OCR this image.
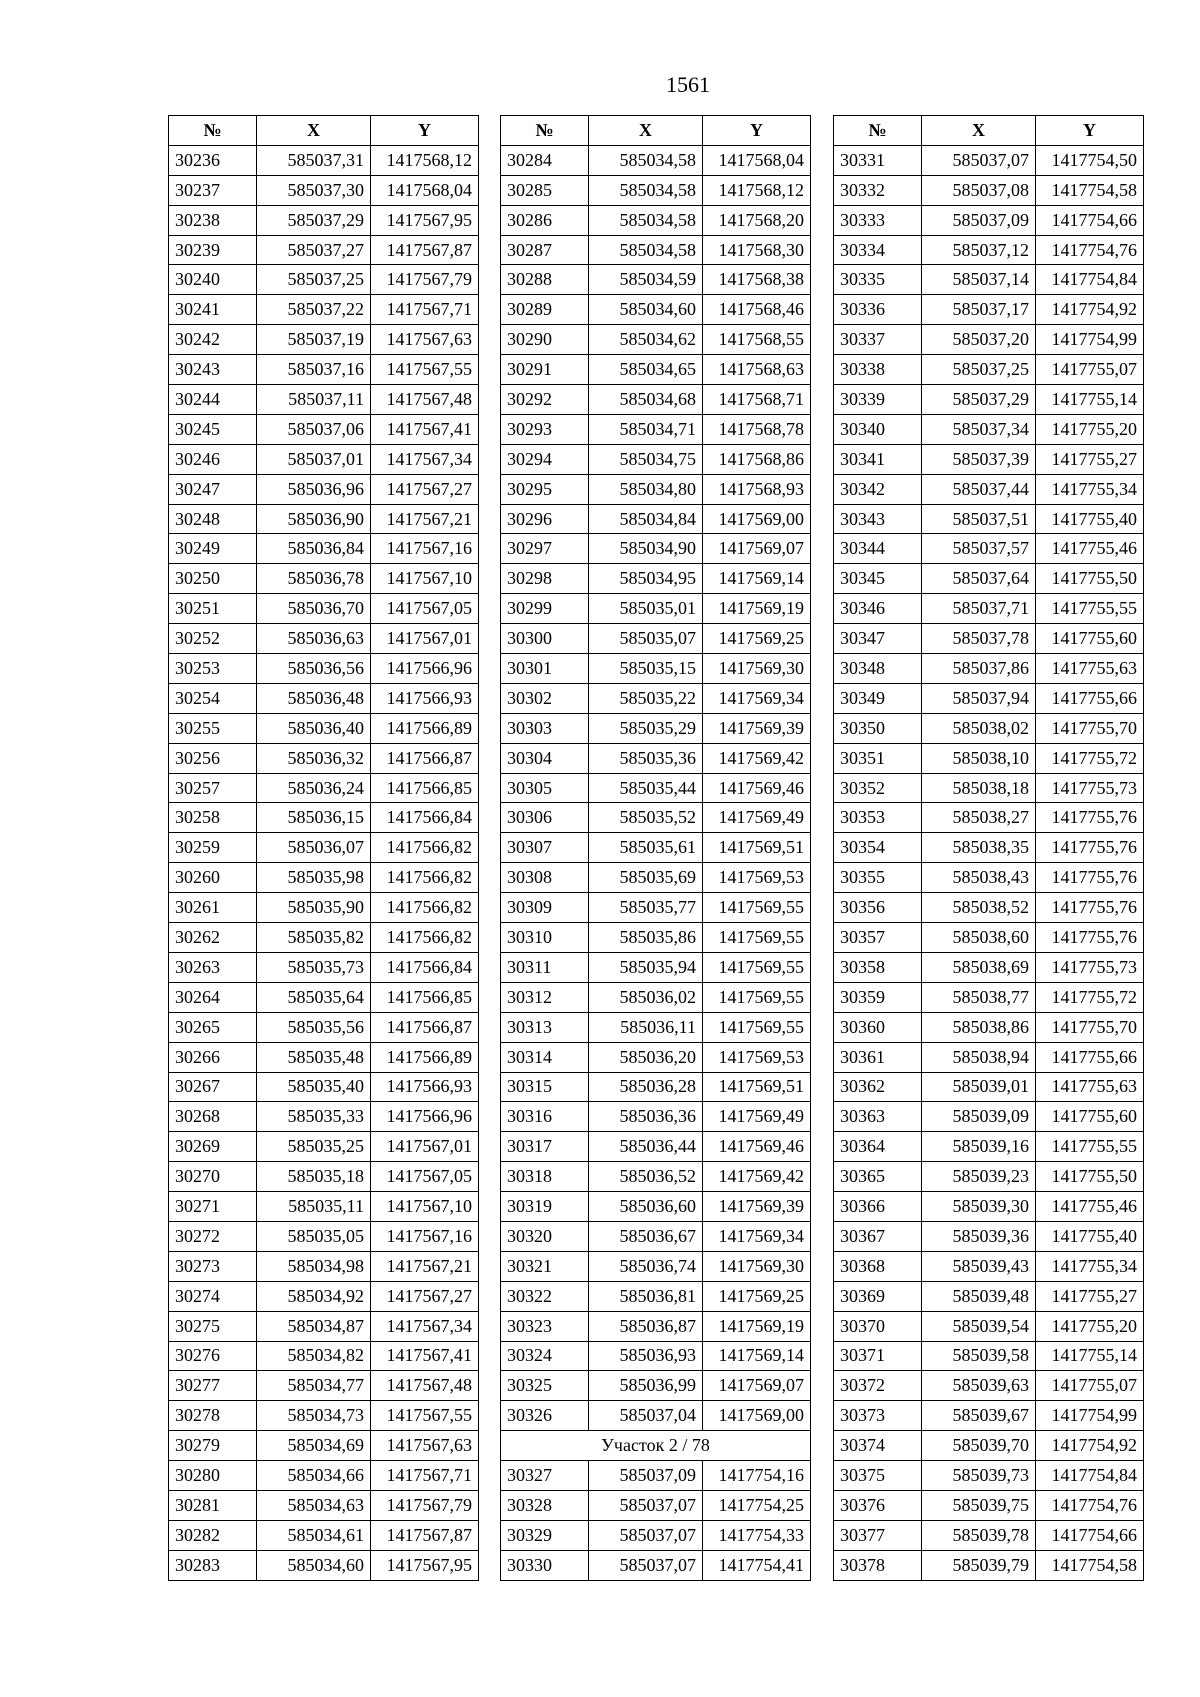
1561
№	X	Y
30236	585037,31	1417568,12
30237	585037,30	1417568,04
30238	585037,29	1417567,95
30239	585037,27	1417567,87
30240	585037,25	1417567,79
30241	585037,22	1417567,71
30242	585037,19	1417567,63
30243	585037,16	1417567,55
30244	585037,11	1417567,48
30245	585037,06	1417567,41
30246	585037,01	1417567,34
30247	585036,96	1417567,27
30248	585036,90	1417567,21
30249	585036,84	1417567,16
30250	585036,78	1417567,10
30251	585036,70	1417567,05
30252	585036,63	1417567,01
30253	585036,56	1417566,96
30254	585036,48	1417566,93
30255	585036,40	1417566,89
30256	585036,32	1417566,87
30257	585036,24	1417566,85
30258	585036,15	1417566,84
30259	585036,07	1417566,82
30260	585035,98	1417566,82
30261	585035,90	1417566,82
30262	585035,82	1417566,82
30263	585035,73	1417566,84
30264	585035,64	1417566,85
30265	585035,56	1417566,87
30266	585035,48	1417566,89
30267	585035,40	1417566,93
30268	585035,33	1417566,96
30269	585035,25	1417567,01
30270	585035,18	1417567,05
30271	585035,11	1417567,10
30272	585035,05	1417567,16
30273	585034,98	1417567,21
30274	585034,92	1417567,27
30275	585034,87	1417567,34
30276	585034,82	1417567,41
30277	585034,77	1417567,48
30278	585034,73	1417567,55
30279	585034,69	1417567,63
30280	585034,66	1417567,71
30281	585034,63	1417567,79
30282	585034,61	1417567,87
30283	585034,60	1417567,95
№	X	Y
30284	585034,58	1417568,04
30285	585034,58	1417568,12
30286	585034,58	1417568,20
30287	585034,58	1417568,30
30288	585034,59	1417568,38
30289	585034,60	1417568,46
30290	585034,62	1417568,55
30291	585034,65	1417568,63
30292	585034,68	1417568,71
30293	585034,71	1417568,78
30294	585034,75	1417568,86
30295	585034,80	1417568,93
30296	585034,84	1417569,00
30297	585034,90	1417569,07
30298	585034,95	1417569,14
30299	585035,01	1417569,19
30300	585035,07	1417569,25
30301	585035,15	1417569,30
30302	585035,22	1417569,34
30303	585035,29	1417569,39
30304	585035,36	1417569,42
30305	585035,44	1417569,46
30306	585035,52	1417569,49
30307	585035,61	1417569,51
30308	585035,69	1417569,53
30309	585035,77	1417569,55
30310	585035,86	1417569,55
30311	585035,94	1417569,55
30312	585036,02	1417569,55
30313	585036,11	1417569,55
30314	585036,20	1417569,53
30315	585036,28	1417569,51
30316	585036,36	1417569,49
30317	585036,44	1417569,46
30318	585036,52	1417569,42
30319	585036,60	1417569,39
30320	585036,67	1417569,34
30321	585036,74	1417569,30
30322	585036,81	1417569,25
30323	585036,87	1417569,19
30324	585036,93	1417569,14
30325	585036,99	1417569,07
30326	585037,04	1417569,00
Участок 2 / 78		
30327	585037,09	1417754,16
30328	585037,07	1417754,25
30329	585037,07	1417754,33
30330	585037,07	1417754,41
№	X	Y
30331	585037,07	1417754,50
30332	585037,08	1417754,58
30333	585037,09	1417754,66
30334	585037,12	1417754,76
30335	585037,14	1417754,84
30336	585037,17	1417754,92
30337	585037,20	1417754,99
30338	585037,25	1417755,07
30339	585037,29	1417755,14
30340	585037,34	1417755,20
30341	585037,39	1417755,27
30342	585037,44	1417755,34
30343	585037,51	1417755,40
30344	585037,57	1417755,46
30345	585037,64	1417755,50
30346	585037,71	1417755,55
30347	585037,78	1417755,60
30348	585037,86	1417755,63
30349	585037,94	1417755,66
30350	585038,02	1417755,70
30351	585038,10	1417755,72
30352	585038,18	1417755,73
30353	585038,27	1417755,76
30354	585038,35	1417755,76
30355	585038,43	1417755,76
30356	585038,52	1417755,76
30357	585038,60	1417755,76
30358	585038,69	1417755,73
30359	585038,77	1417755,72
30360	585038,86	1417755,70
30361	585038,94	1417755,66
30362	585039,01	1417755,63
30363	585039,09	1417755,60
30364	585039,16	1417755,55
30365	585039,23	1417755,50
30366	585039,30	1417755,46
30367	585039,36	1417755,40
30368	585039,43	1417755,34
30369	585039,48	1417755,27
30370	585039,54	1417755,20
30371	585039,58	1417755,14
30372	585039,63	1417755,07
30373	585039,67	1417754,99
30374	585039,70	1417754,92
30375	585039,73	1417754,84
30376	585039,75	1417754,76
30377	585039,78	1417754,66
30378	585039,79	1417754,58
